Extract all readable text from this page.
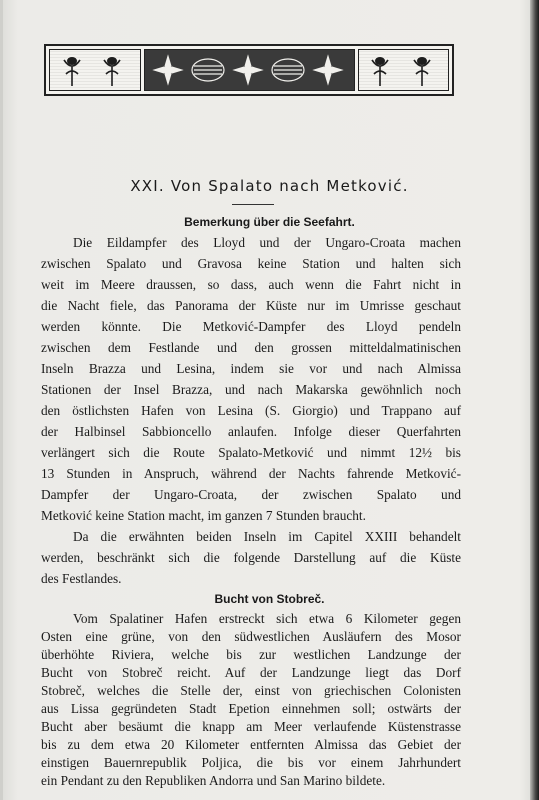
XXI. Von Spalato nach Metković.
Bemerkung über die Seefahrt.
Die Eildampfer des Lloyd und der Ungaro-Croata machen
zwischen Spalato und Gravosa keine Station und halten sich
weit im Meere draussen, so dass, auch wenn die Fahrt nicht in
die Nacht fiele, das Panorama der Küste nur im Umrisse geschaut
werden könnte. Die Metković-Dampfer des Lloyd pendeln
zwischen dem Festlande und den grossen mitteldalmatinischen
Inseln Brazza und Lesina, indem sie vor und nach Almissa
Stationen der Insel Brazza, und nach Makarska gewöhnlich noch
den östlichsten Hafen von Lesina (S. Giorgio) und Trappano auf
der Halbinsel Sabbioncello anlaufen. Infolge dieser Querfahrten
verlängert sich die Route Spalato-Metković und nimmt 12½ bis
13 Stunden in Anspruch, während der Nachts fahrende Metković-
Dampfer der Ungaro-Croata, der zwischen Spalato und
Metković keine Station macht, im ganzen 7 Stunden braucht.
Da die erwähnten beiden Inseln im Capitel XXIII behandelt
werden, beschränkt sich die folgende Darstellung auf die Küste
des Festlandes.
Bucht von Stobreč.
Vom Spalatiner Hafen erstreckt sich etwa 6 Kilometer gegen
Osten eine grüne, von den südwestlichen Ausläufern des Mosor
überhöhte Riviera, welche bis zur westlichen Landzunge der
Bucht von Stobreč reicht. Auf der Landzunge liegt das Dorf
Stobreč, welches die Stelle der, einst von griechischen Colonisten
aus Lissa gegründeten Stadt Epetion einnehmen soll; ostwärts der
Bucht aber besäumt die knapp am Meer verlaufende Küstenstrasse
bis zu dem etwa 20 Kilometer entfernten Almissa das Gebiet der
einstigen Bauernrepublik Poljica, die bis vor einem Jahrhundert
ein Pendant zu den Republiken Andorra und San Marino bildete.
